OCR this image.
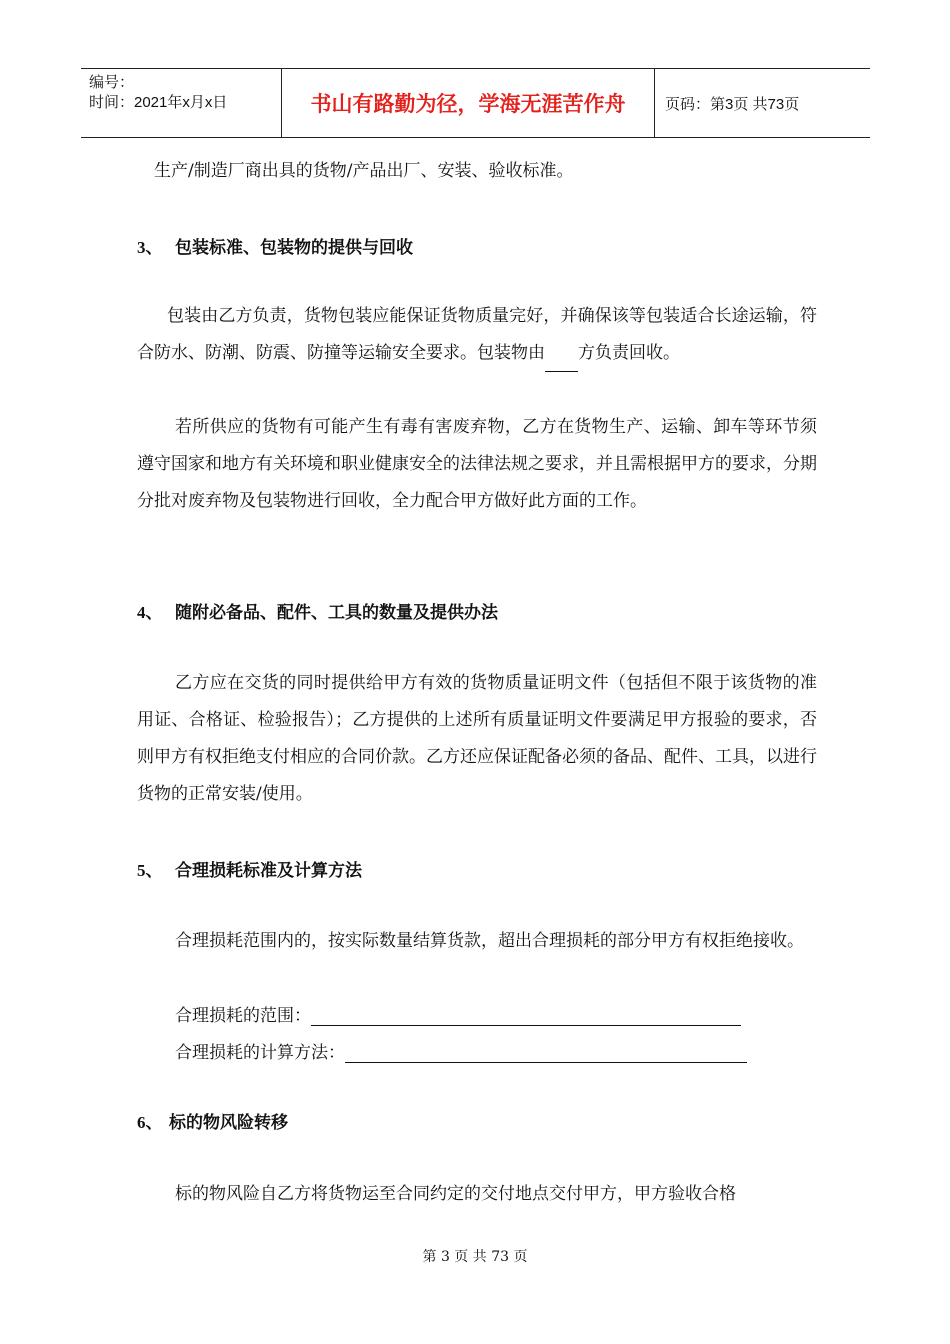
编号：
时间：2021年x月x日	书山有路勤为径，学海无涯苦作舟	页码：第3页 共73页
生产/制造厂商出具的货物/产品出厂、安装、验收标准。
3、 包装标准、包装物的提供与回收
包装由乙方负责，货物包装应能保证货物质量完好，并确保该等包装适合长途运输，符合防水、防潮、防震、防撞等运输安全要求。包装物由 方负责回收。
若所供应的货物有可能产生有毒有害废弃物，乙方在货物生产、运输、卸车等环节须遵守国家和地方有关环境和职业健康安全的法律法规之要求，并且需根据甲方的要求，分期分批对废弃物及包装物进行回收，全力配合甲方做好此方面的工作。
4、 随附必备品、配件、工具的数量及提供办法
乙方应在交货的同时提供给甲方有效的货物质量证明文件（包括但不限于该货物的准用证、合格证、检验报告）；乙方提供的上述所有质量证明文件要满足甲方报验的要求，否则甲方有权拒绝支付相应的合同价款。乙方还应保证配备必须的备品、配件、工具，以进行货物的正常安装/使用。
5、 合理损耗标准及计算方法
合理损耗范围内的，按实际数量结算货款，超出合理损耗的部分甲方有权拒绝接收。
合理损耗的范围：
合理损耗的计算方法：
6、 标的物风险转移
标的物风险自乙方将货物运至合同约定的交付地点交付甲方，甲方验收合格
第 3 页 共 73 页
